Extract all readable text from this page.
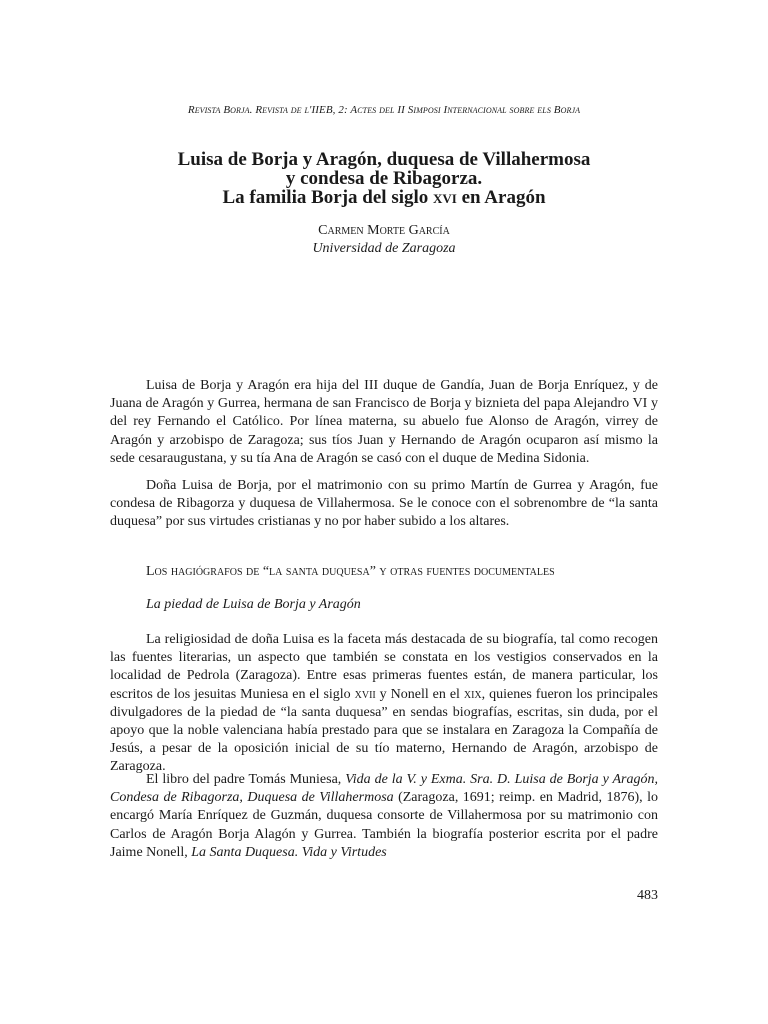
Revista Borja. Revista de l'IIEB, 2: Actes del II Simposi Internacional sobre els Borja
Luisa de Borja y Aragón, duquesa de Villahermosa
y condesa de Ribagorza.
La familia Borja del siglo xvi en Aragón
Carmen Morte García
Universidad de Zaragoza

Luisa de Borja y Aragón era hija del III duque de Gandía, Juan de Borja Enríquez, y de Juana de Aragón y Gurrea, hermana de san Francisco de Borja y biznieta del papa Alejandro VI y del rey Fernando el Católico. Por línea materna, su abuelo fue Alonso de Aragón, virrey de Aragón y arzobispo de Zaragoza; sus tíos Juan y Hernando de Aragón ocuparon así mismo la sede cesaraugustana, y su tía Ana de Aragón se casó con el duque de Medina Sidonia.

Doña Luisa de Borja, por el matrimonio con su primo Martín de Gurrea y Aragón, fue condesa de Ribagorza y duquesa de Villahermosa. Se le conoce con el sobrenombre de “la santa duquesa” por sus virtudes cristianas y no por haber subido a los altares.

Los hagiógrafos de “la santa duquesa” y otras fuentes documentales

La piedad de Luisa de Borja y Aragón

La religiosidad de doña Luisa es la faceta más destacada de su biografía, tal como recogen las fuentes literarias, un aspecto que también se constata en los vestigios conservados en la localidad de Pedrola (Zaragoza). Entre esas primeras fuentes están, de manera particular, los escritos de los jesuitas Muniesa en el siglo xvii y Nonell en el xix, quienes fueron los principales divulgadores de la piedad de “la santa duquesa” en sendas biografías, escritas, sin duda, por el apoyo que la noble valenciana había prestado para que se instalara en Zaragoza la Compañía de Jesús, a pesar de la oposición inicial de su tío materno, Hernando de Aragón, arzobispo de Zaragoza.

El libro del padre Tomás Muniesa, Vida de la V. y Exma. Sra. D. Luisa de Borja y Aragón, Condesa de Ribagorza, Duquesa de Villahermosa (Zaragoza, 1691; reimp. en Madrid, 1876), lo encargó María Enríquez de Guzmán, duquesa consorte de Villahermosa por su matrimonio con Carlos de Aragón Borja Alagón y Gurrea. También la biografía posterior escrita por el padre Jaime Nonell, La Santa Duquesa. Vida y Virtudes

483
